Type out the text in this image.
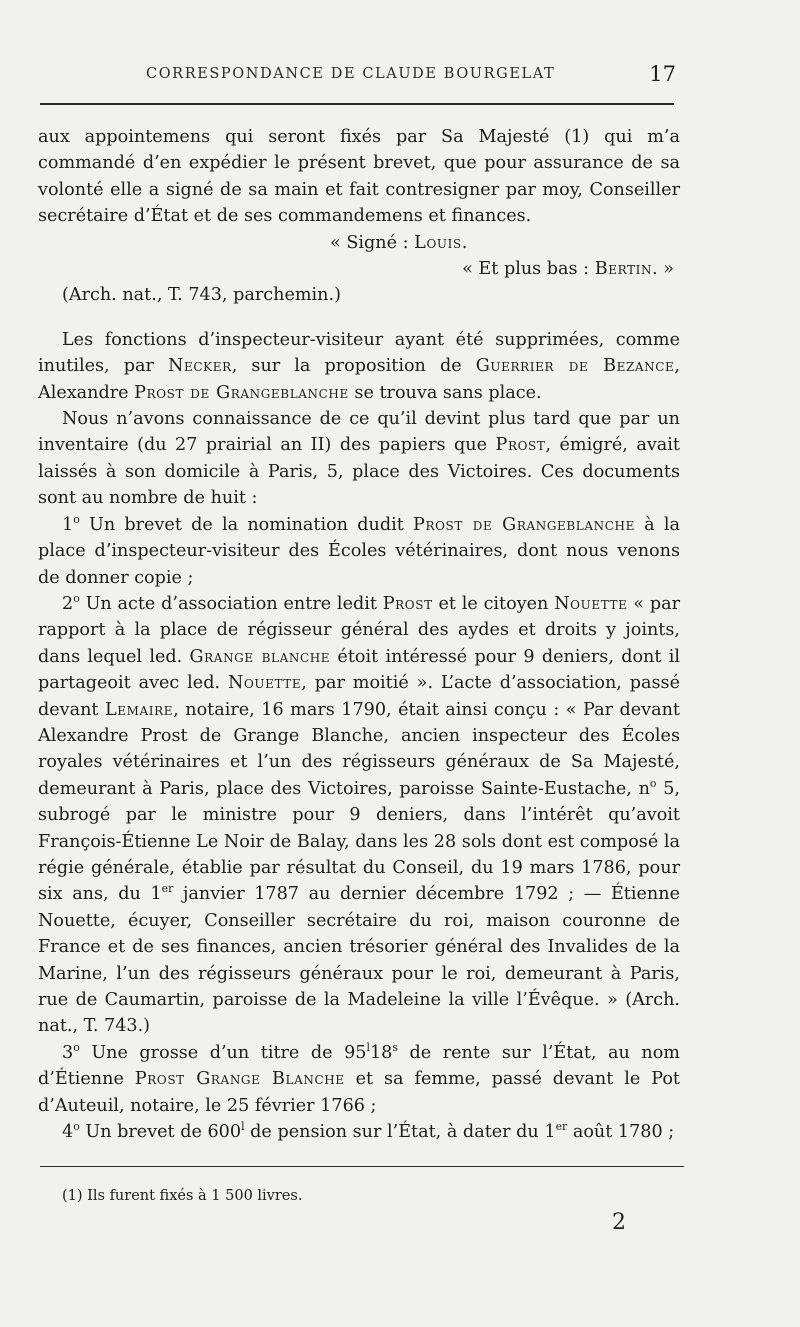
CORRESPONDANCE DE CLAUDE BOURGELAT	17

aux appointemens qui seront fixés par Sa Majesté (1) qui m’a commandé d’en expédier le présent brevet, que pour assurance de sa volonté elle a signé de sa main et fait contresigner par moy, Conseiller secrétaire d’État et de ses commandemens et finances.

« Signé : Louis.

« Et plus bas : Bertin. »

(Arch. nat., T. 743, parchemin.)

Les fonctions d’inspecteur-visiteur ayant été supprimées, comme inutiles, par Necker, sur la proposition de Guerrier de Bezance, Alexandre Prost de Grangeblanche se trouva sans place.

Nous n’avons connaissance de ce qu’il devint plus tard que par un inventaire (du 27 prairial an II) des papiers que Prost, émigré, avait laissés à son domicile à Paris, 5, place des Victoires. Ces documents sont au nombre de huit :

1$^o$ Un brevet de la nomination dudit Prost de Grangeblanche à la place d’inspecteur-visiteur des Écoles vétérinaires, dont nous venons de donner copie ;

2$^o$ Un acte d’association entre ledit Prost et le citoyen Nouette « par rapport à la place de régisseur général des aydes et droits y joints, dans lequel led. Grange blanche étoit intéressé pour 9 deniers, dont il partageoit avec led. Nouette, par moitié ». L’acte d’association, passé devant Lemaire, notaire, 16 mars 1790, était ainsi conçu : « Par devant Alexandre Prost de Grange Blanche, ancien inspecteur des Écoles royales vétérinaires et l’un des régisseurs généraux de Sa Majesté, demeurant à Paris, place des Victoires, paroisse Sainte-Eustache, $n^o$ 5, subrogé par le ministre pour 9 deniers, dans l’intérêt qu’avoit François-Étienne Le Noir de Balay, dans les 28 sols dont est composé la régie générale, établie par résultat du Conseil, du 19 mars 1786, pour six ans, du 1er janvier 1787 au dernier décembre 1792 ; — Étienne Nouette, écuyer, Conseiller secrétaire du roi, maison couronne de France et de ses finances, ancien trésorier général des Invalides de la Marine, l’un des régisseurs généraux pour le roi, demeurant à Paris, rue de Caumartin, paroisse de la Madeleine la ville l’Évêque. » (Arch. nat., T. 743.)

3$^o$ Une grosse d’un titre de 95$^l$18$^s$ de rente sur l’État, au nom d’Étienne Prost Grange Blanche et sa femme, passé devant le Pot d’Auteuil, notaire, le 25 février 1766 ;

4$^o$ Un brevet de 600$^l$ de pension sur l’État, à dater du 1er août 1780 ;

(1) Ils furent fixés à 1 500 livres.
2
